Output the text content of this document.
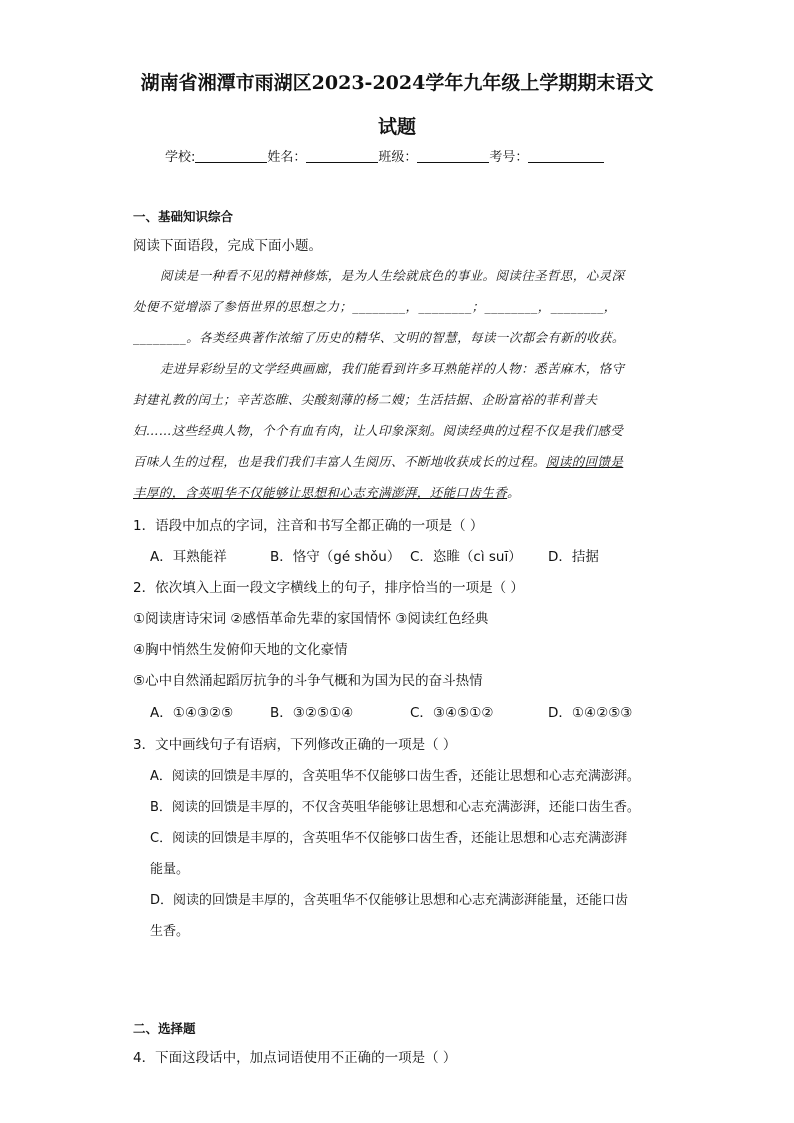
湖南省湘潭市雨湖区2023-2024学年九年级上学期期末语文
试题
学校:	姓名：	班级：	考号：
一、基础知识综合
阅读下面语段，完成下面小题。
阅读是一种看不见的精神修炼，是为人生绘就底色的事业。阅读往圣哲思，心灵深
处便不觉增添了参悟世界的思想之力；________，________；________，________，
________。各类经典著作浓缩了历史的精华、文明的智慧，每读一次都会有新的收获。
走进异彩纷呈的文学经典画廊，我们能看到许多耳熟能祥的人物：悉苦麻木，恪守
封建礼教的闰土；辛苦恣睢、尖酸刻薄的杨二嫂；生活拮据、企盼富裕的菲利普夫
妇……这些经典人物，个个有血有肉，让人印象深刻。阅读经典的过程不仅是我们感受
百味人生的过程，也是我们我们丰富人生阅历、不断地收获成长的过程。阅读的回馈是
丰厚的，含英咀华不仅能够让思想和心志充满澎湃，还能口齿生香。
1．语段中加点的字词，注音和书写全都正确的一项是（ ）
A．耳熟能祥	B．恪守（gé shǒu） C．恣睢（cì suī） D．拮据
2．依次填入上面一段文字横线上的句子，排序恰当的一项是（ ）
①阅读唐诗宋词 ②感悟革命先辈的家国情怀 ③阅读红色经典
④胸中悄然生发俯仰天地的文化豪情
⑤心中自然涌起蹈厉抗争的斗争气概和为国为民的奋斗热情
A．①④③②⑤	B．③②⑤①④	C．③④⑤①②	D．①④②⑤③
3．文中画线句子有语病，下列修改正确的一项是（ ）
A．阅读的回馈是丰厚的，含英咀华不仅能够口齿生香，还能让思想和心志充满澎湃。
B．阅读的回馈是丰厚的，不仅含英咀华能够让思想和心志充满澎湃，还能口齿生香。
C．阅读的回馈是丰厚的，含英咀华不仅能够口齿生香，还能让思想和心志充满澎湃
能量。
D．阅读的回馈是丰厚的，含英咀华不仅能够让思想和心志充满澎湃能量，还能口齿
生香。
二、选择题
4．下面这段话中，加点词语使用不正确的一项是（ ）
